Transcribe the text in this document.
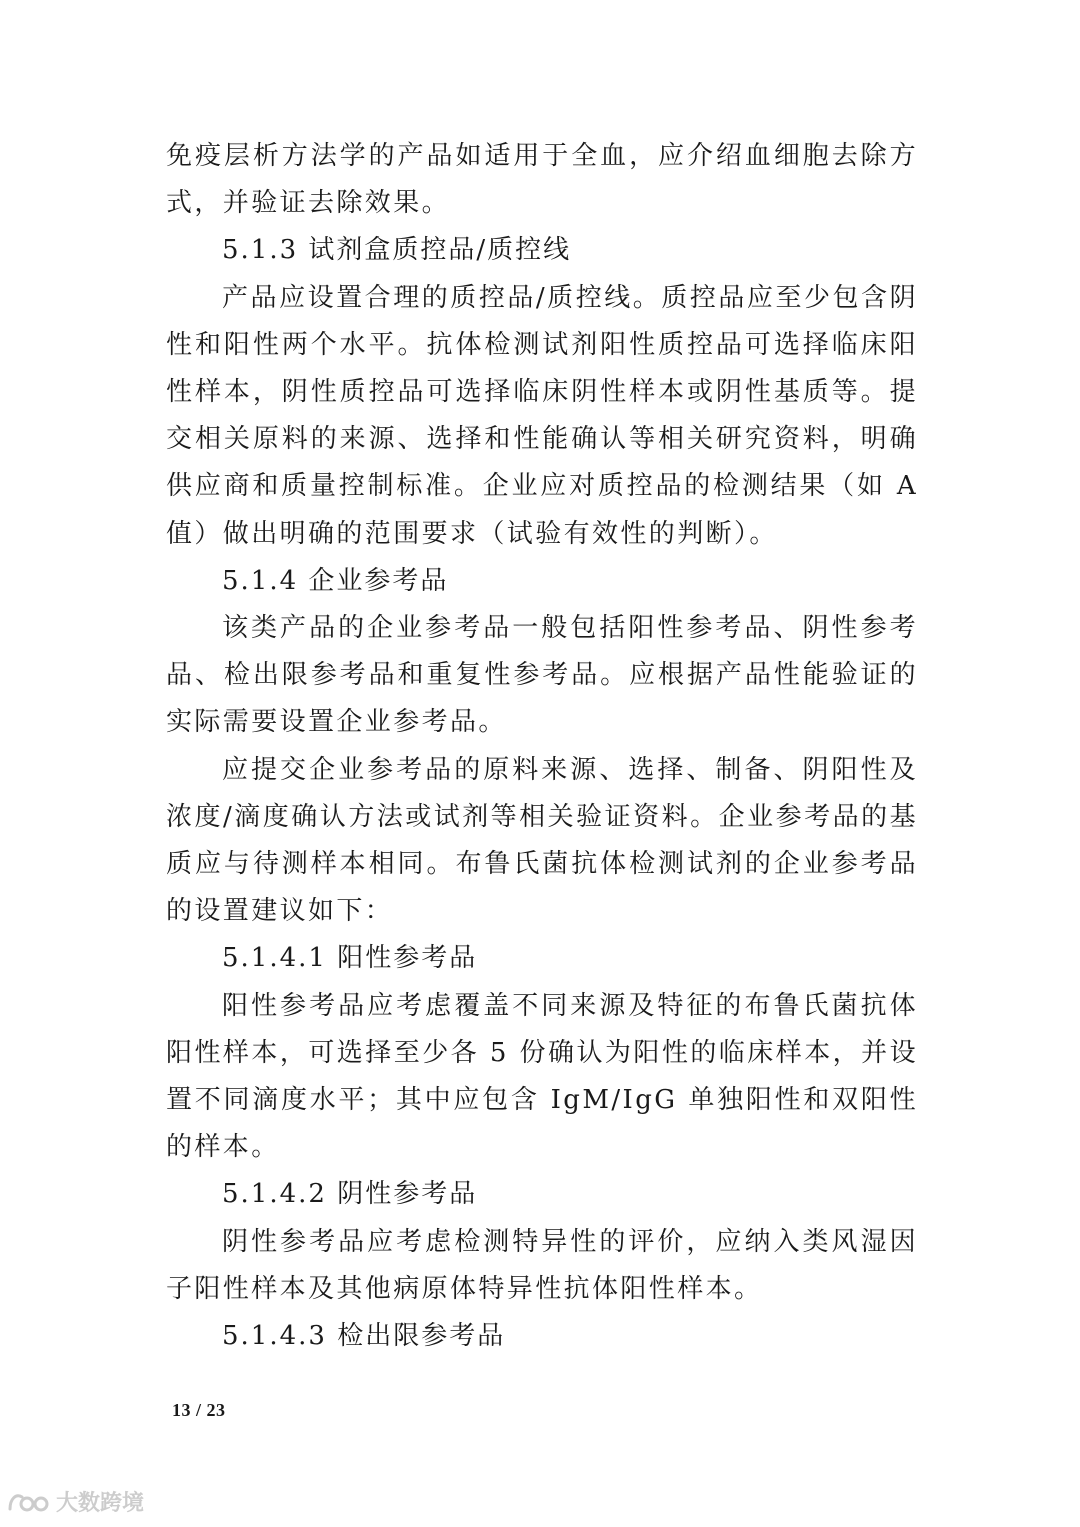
免疫层析方法学的产品如适用于全血，应介绍血细胞去除方式，并验证去除效果。

5.1.3 试剂盒质控品/质控线

产品应设置合理的质控品/质控线。质控品应至少包含阴性和阳性两个水平。抗体检测试剂阳性质控品可选择临床阳性样本，阴性质控品可选择临床阴性样本或阴性基质等。提交相关原料的来源、选择和性能确认等相关研究资料，明确供应商和质量控制标准。企业应对质控品的检测结果（如 A 值）做出明确的范围要求（试验有效性的判断）。

5.1.4 企业参考品

该类产品的企业参考品一般包括阳性参考品、阴性参考品、检出限参考品和重复性参考品。应根据产品性能验证的实际需要设置企业参考品。

应提交企业参考品的原料来源、选择、制备、阴阳性及浓度/滴度确认方法或试剂等相关验证资料。企业参考品的基质应与待测样本相同。布鲁氏菌抗体检测试剂的企业参考品的设置建议如下：

5.1.4.1 阳性参考品

阳性参考品应考虑覆盖不同来源及特征的布鲁氏菌抗体阳性样本，可选择至少各 5 份确认为阳性的临床样本，并设置不同滴度水平；其中应包含 IgM/IgG 单独阳性和双阳性的样本。

5.1.4.2 阴性参考品

阴性参考品应考虑检测特异性的评价，应纳入类风湿因子阳性样本及其他病原体特异性抗体阳性样本。

5.1.4.3 检出限参考品

13 / 23
大数跨境
